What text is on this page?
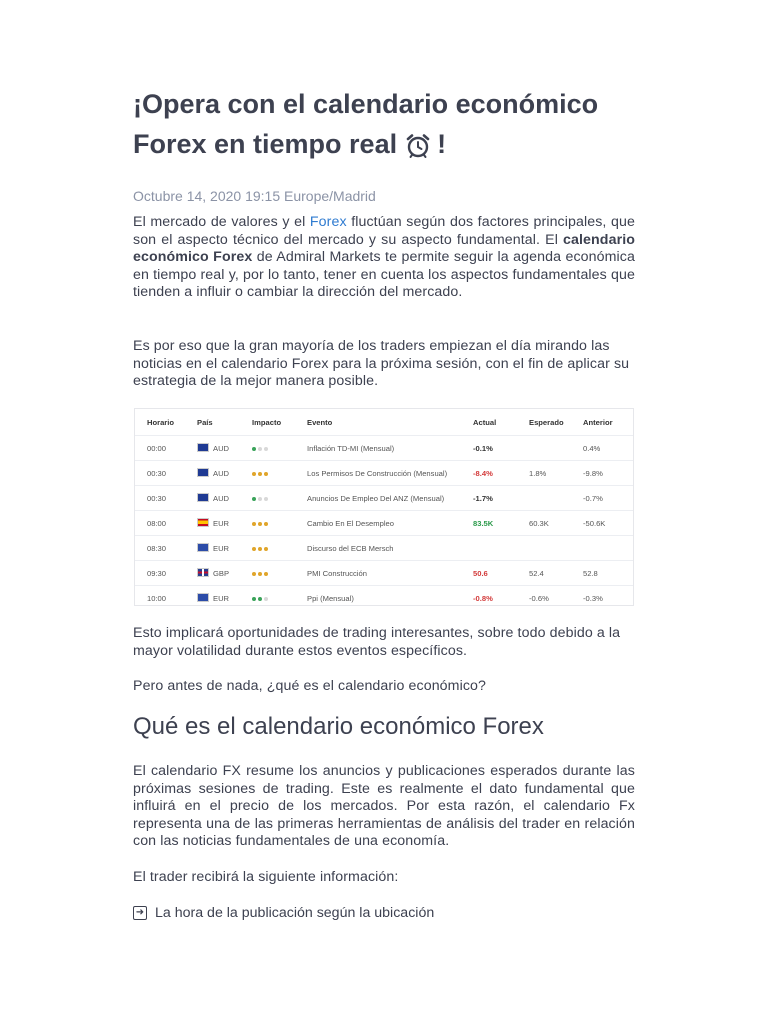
¡Opera con el calendario económico
Forex en tiempo real !
Octubre 14, 2020 19:15 Europe/Madrid

El mercado de valores y el Forex fluctúan según dos factores principales, que son el aspecto técnico del mercado y su aspecto fundamental. El calendario económico Forex de Admiral Markets te permite seguir la agenda económica en tiempo real y, por lo tanto, tener en cuenta los aspectos fundamentales que tienden a influir o cambiar la dirección del mercado.

Es por eso que la gran mayoría de los traders empiezan el día mirando las noticias en el calendario Forex para la próxima sesión, con el fin de aplicar su estrategia de la mejor manera posible.

Horario	País	Impacto	Evento	Actual	Esperado	Anterior
00:00	AUD		Inflación TD-MI (Mensual)	-0.1%		0.4%
00:30	AUD		Los Permisos De Construcción (Mensual)	-8.4%	1.8%	-9.8%
00:30	AUD		Anuncios De Empleo Del ANZ (Mensual)	-1.7%		-0.7%
08:00	EUR		Cambio En El Desempleo	83.5K	60.3K	-50.6K
08:30	EUR		Discurso del ECB Mersch			
09:30	GBP		PMI Construcción	50.6	52.4	52.8
10:00	EUR		Ppi (Mensual)	-0.8%	-0.6%	-0.3%

Esto implicará oportunidades de trading interesantes, sobre todo debido a la mayor volatilidad durante estos eventos específicos.

Pero antes de nada, ¿qué es el calendario económico?

Qué es el calendario económico Forex

El calendario FX resume los anuncios y publicaciones esperados durante las próximas sesiones de trading. Este es realmente el dato fundamental que influirá en el precio de los mercados. Por esta razón, el calendario Fx representa una de las primeras herramientas de análisis del trader en relación con las noticias fundamentales de una economía.

El trader recibirá la siguiente información:

➜ La hora de la publicación según la ubicación
